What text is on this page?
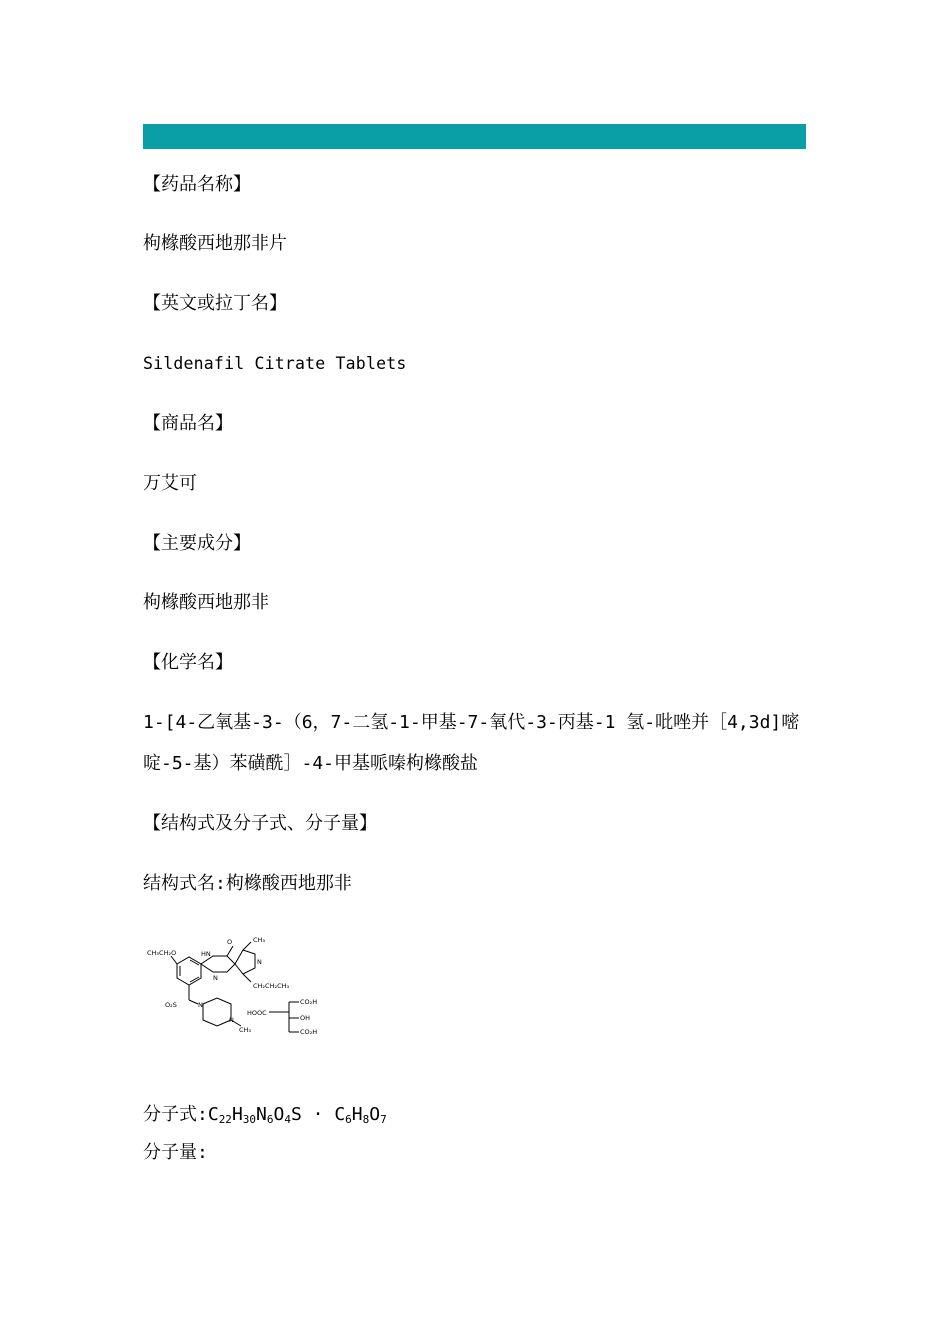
【药品名称】

枸橼酸西地那非片

【英文或拉丁名】

Sildenafil Citrate Tablets

【商品名】

万艾可

【主要成分】

枸橼酸西地那非

【化学名】

1-[4-乙氧基-3-（6，7-二氢-1-甲基-7-氧代-3-丙基-1 氢-吡唑并［4,3d]嘧

啶-5-基）苯磺酰］-4-甲基哌嗪枸橼酸盐

【结构式及分子式、分子量】

结构式名:枸橼酸西地那非

CH₃CH₂O
O	CH₃
HN
N
N
CH₂CH₂CH₃
O₂S	N
N
CH₃
HOOC
CO₂H
OH
CO₂H

分子式$:C_{22}H_{30}N_6O_4S \cdot C_6H_8O_7$

分子量:
